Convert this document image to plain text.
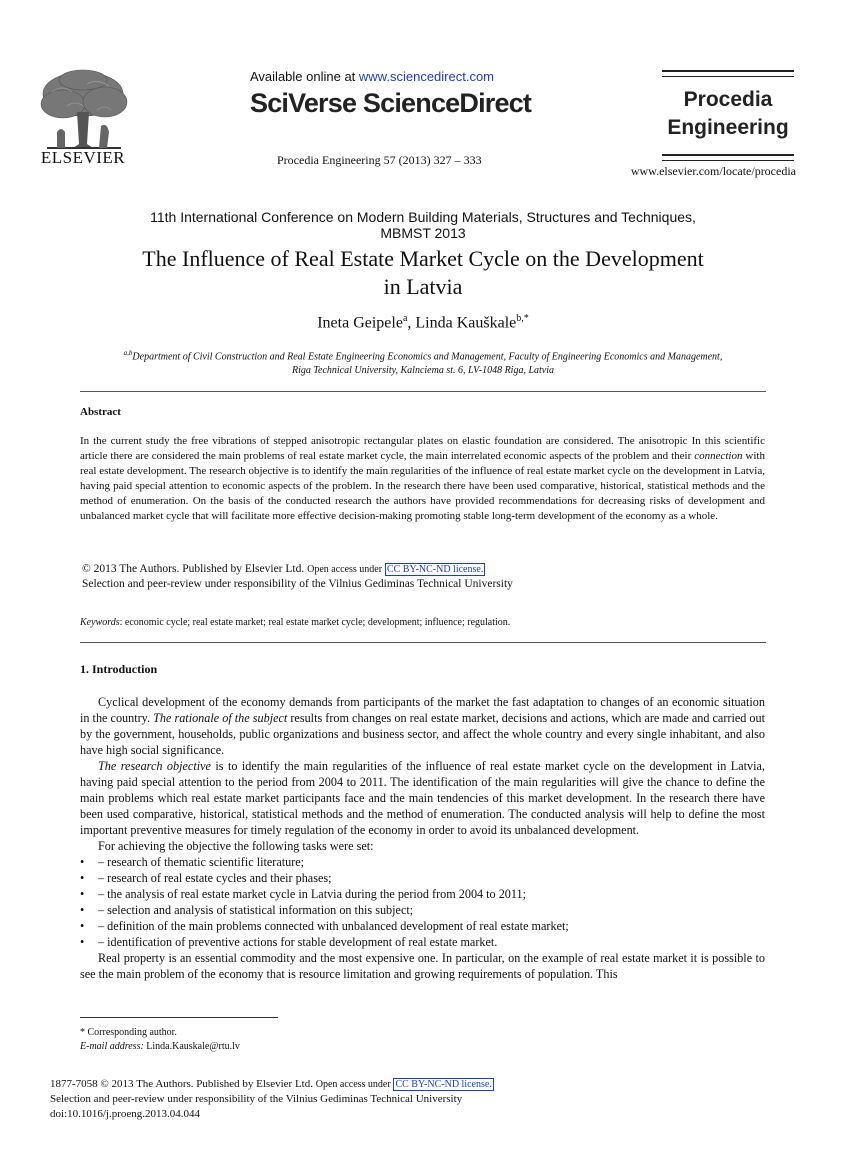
ELSEVIER
Available online at www.sciencedirect.com
SciVerse ScienceDirect
Procedia Engineering 57 (2013) 327 – 333
Procedia
Engineering
www.elsevier.com/locate/procedia
11th International Conference on Modern Building Materials, Structures and Techniques,
MBMST 2013
The Influence of Real Estate Market Cycle on the Development
in Latvia
Ineta Geipele$^a$, Linda Kauškale$^{b,*}$
$^{a,b}$Department of Civil Construction and Real Estate Engineering Economics and Management, Faculty of Engineering Economics and Management,
Riga Technical University, Kalnciema st. 6, LV-1048 Riga, Latvia
Abstract
In the current study the free vibrations of stepped anisotropic rectangular plates on elastic foundation are considered. The anisotropic In this scientific article there are considered the main problems of real estate market cycle, the main interrelated economic aspects of the problem and their connection with real estate development. The research objective is to identify the main regularities of the influence of real estate market cycle on the development in Latvia, having paid special attention to economic aspects of the problem. In the research there have been used comparative, historical, statistical methods and the method of enumeration. On the basis of the conducted research the authors have provided recommendations for decreasing risks of development and unbalanced market cycle that will facilitate more effective decision-making promoting stable long-term development of the economy as a whole.
© 2013 The Authors. Published by Elsevier Ltd. Open access under CC BY-NC-ND license.
Selection and peer-review under responsibility of the Vilnius Gediminas Technical University
Keywords: economic cycle; real estate market; real estate market cycle; development; influence; regulation.
1. Introduction

Cyclical development of the economy demands from participants of the market the fast adaptation to changes of an economic situation in the country. The rationale of the subject results from changes on real estate market, decisions and actions, which are made and carried out by the government, households, public organizations and business sector, and affect the whole country and every single inhabitant, and also have high social significance.

The research objective is to identify the main regularities of the influence of real estate market cycle on the development in Latvia, having paid special attention to the period from 2004 to 2011. The identification of the main regularities will give the chance to define the main problems which real estate market participants face and the main tendencies of this market development. In the research there have been used comparative, historical, statistical methods and the method of enumeration. The conducted analysis will help to define the most important preventive measures for timely regulation of the economy in order to avoid its unbalanced development.

For achieving the objective the following tasks were set:

• – research of thematic scientific literature;
• – research of real estate cycles and their phases;
• – the analysis of real estate market cycle in Latvia during the period from 2004 to 2011;
• – selection and analysis of statistical information on this subject;
• – definition of the main problems connected with unbalanced development of real estate market;
• – identification of preventive actions for stable development of real estate market.

Real property is an essential commodity and the most expensive one. In particular, on the example of real estate market it is possible to see the main problem of the economy that is resource limitation and growing requirements of population. This

* Corresponding author.
E-mail address: Linda.Kauskale@rtu.lv
1877-7058 © 2013 The Authors. Published by Elsevier Ltd. Open access under CC BY-NC-ND license.
Selection and peer-review under responsibility of the Vilnius Gediminas Technical University
doi:10.1016/j.proeng.2013.04.044
